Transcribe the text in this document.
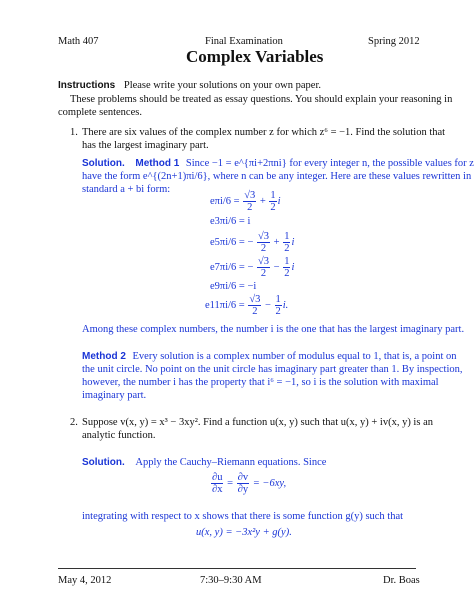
Math 407	Final Examination	Spring 2012
Complex Variables
Instructions Please write your solutions on your own paper.
These problems should be treated as essay questions. You should explain your reasoning in
complete sentences.
1. There are six values of the complex number z for which z⁶ = −1. Find the solution that
has the largest imaginary part.
Solution. Method 1 Since −1 = e^{πi+2πni} for every integer n, the possible values for z
have the form e^{(2n+1)πi/6}, where n can be any integer. Here are these values rewritten in
standard a + bi form:
$e\pi i/6 = \frac{√3}{2} + \frac{1}{2}$ i
e3πi/6 = i
e5πi/6 = − $\frac{√3}{2} + \frac{1}{2}$ i
e7πi/6 = − $\frac{√3}{2} - \frac{1}{2}$ i
e9πi/6 = −i
$e11\pi i/6 = \frac{√3}{2} - \frac{1}{2} i$.
Among these complex numbers, the number i is the one that has the largest imaginary part.
Method 2 Every solution is a complex number of modulus equal to 1, that is, a point on
the unit circle. No point on the unit circle has imaginary part greater than 1. By inspection,
however, the number i has the property that i⁶ = −1, so i is the solution with maximal
imaginary part.
2. Suppose v(x, y) = x³ − 3xy². Find a function u(x, y) such that u(x, y) + iv(x, y) is an
analytic function.
Solution. Apply the Cauchy–Riemann equations. Since
$\frac{\partial u}{\partial x} = \frac{\partial v}{\partial y} = -6xy$,
integrating with respect to x shows that there is some function g(y) such that
u(x, y) = −3x²y + g(y).
May 4, 2012	7:30–9:30 AM	Dr. Boas
